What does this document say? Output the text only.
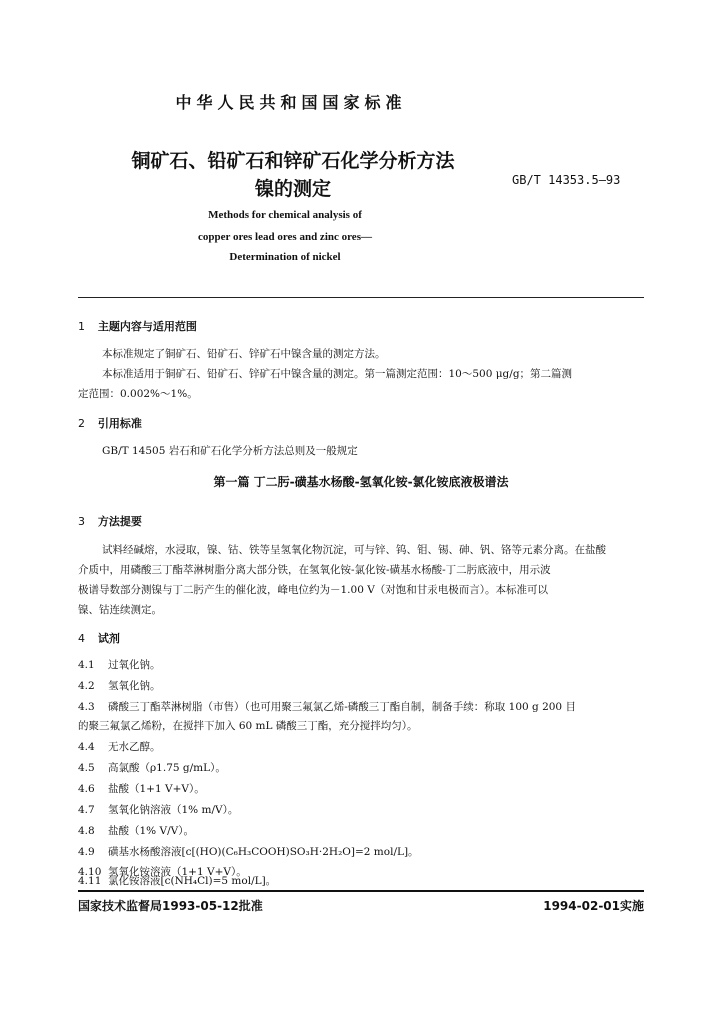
中华人民共和国国家标准
铜矿石、铅矿石和锌矿石化学分析方法
镍的测定	GB/T 14353.5—93
Methods for chemical analysis of
copper ores lead ores and zinc ores—
Determination of nickel
1 主题内容与适用范围
本标准规定了铜矿石、铅矿石、锌矿石中镍含量的测定方法。
本标准适用于铜矿石、铅矿石、锌矿石中镍含量的测定。第一篇测定范围：10～500 μg/g；第二篇测
定范围：0.002%～1%。
2 引用标准
GB/T 14505 岩石和矿石化学分析方法总则及一般规定
第一篇 丁二肟-磺基水杨酸-氢氧化铵-氯化铵底液极谱法
3 方法提要
试料经碱熔，水浸取，镍、钴、铁等呈氢氧化物沉淀，可与锌、钨、钼、锡、砷、钒、铬等元素分离。在盐酸
介质中，用磷酸三丁酯萃淋树脂分离大部分铁，在氢氧化铵-氯化铵-磺基水杨酸-丁二肟底液中，用示波
极谱导数部分测镍与丁二肟产生的催化波，峰电位约为－1.00 V（对饱和甘汞电极而言）。本标准可以
镍、钴连续测定。
4 试剂
4.1 过氧化钠。
4.2 氢氧化钠。
4.3 磷酸三丁酯萃淋树脂（市售）（也可用聚三氟氯乙烯-磷酸三丁酯自制，制备手续：称取 100 g 200 目
的聚三氟氯乙烯粉，在搅拌下加入 60 mL 磷酸三丁酯，充分搅拌均匀）。
4.4 无水乙醇。
4.5 高氯酸（ρ1.75 g/mL）。
4.6 盐酸（1+1 V+V）。
4.7 氢氧化钠溶液（1% m/V）。
4.8 盐酸（1% V/V）。
4.9 磺基水杨酸溶液[c[(HO)(C₆H₃COOH)SO₃H·2H₂O]=2 mol/L]。
4.10 氢氧化铵溶液（1+1 V+V）。
4.11 氯化铵溶液[c(NH₄Cl)=5 mol/L]。
国家技术监督局1993-05-12批准	1994-02-01实施
